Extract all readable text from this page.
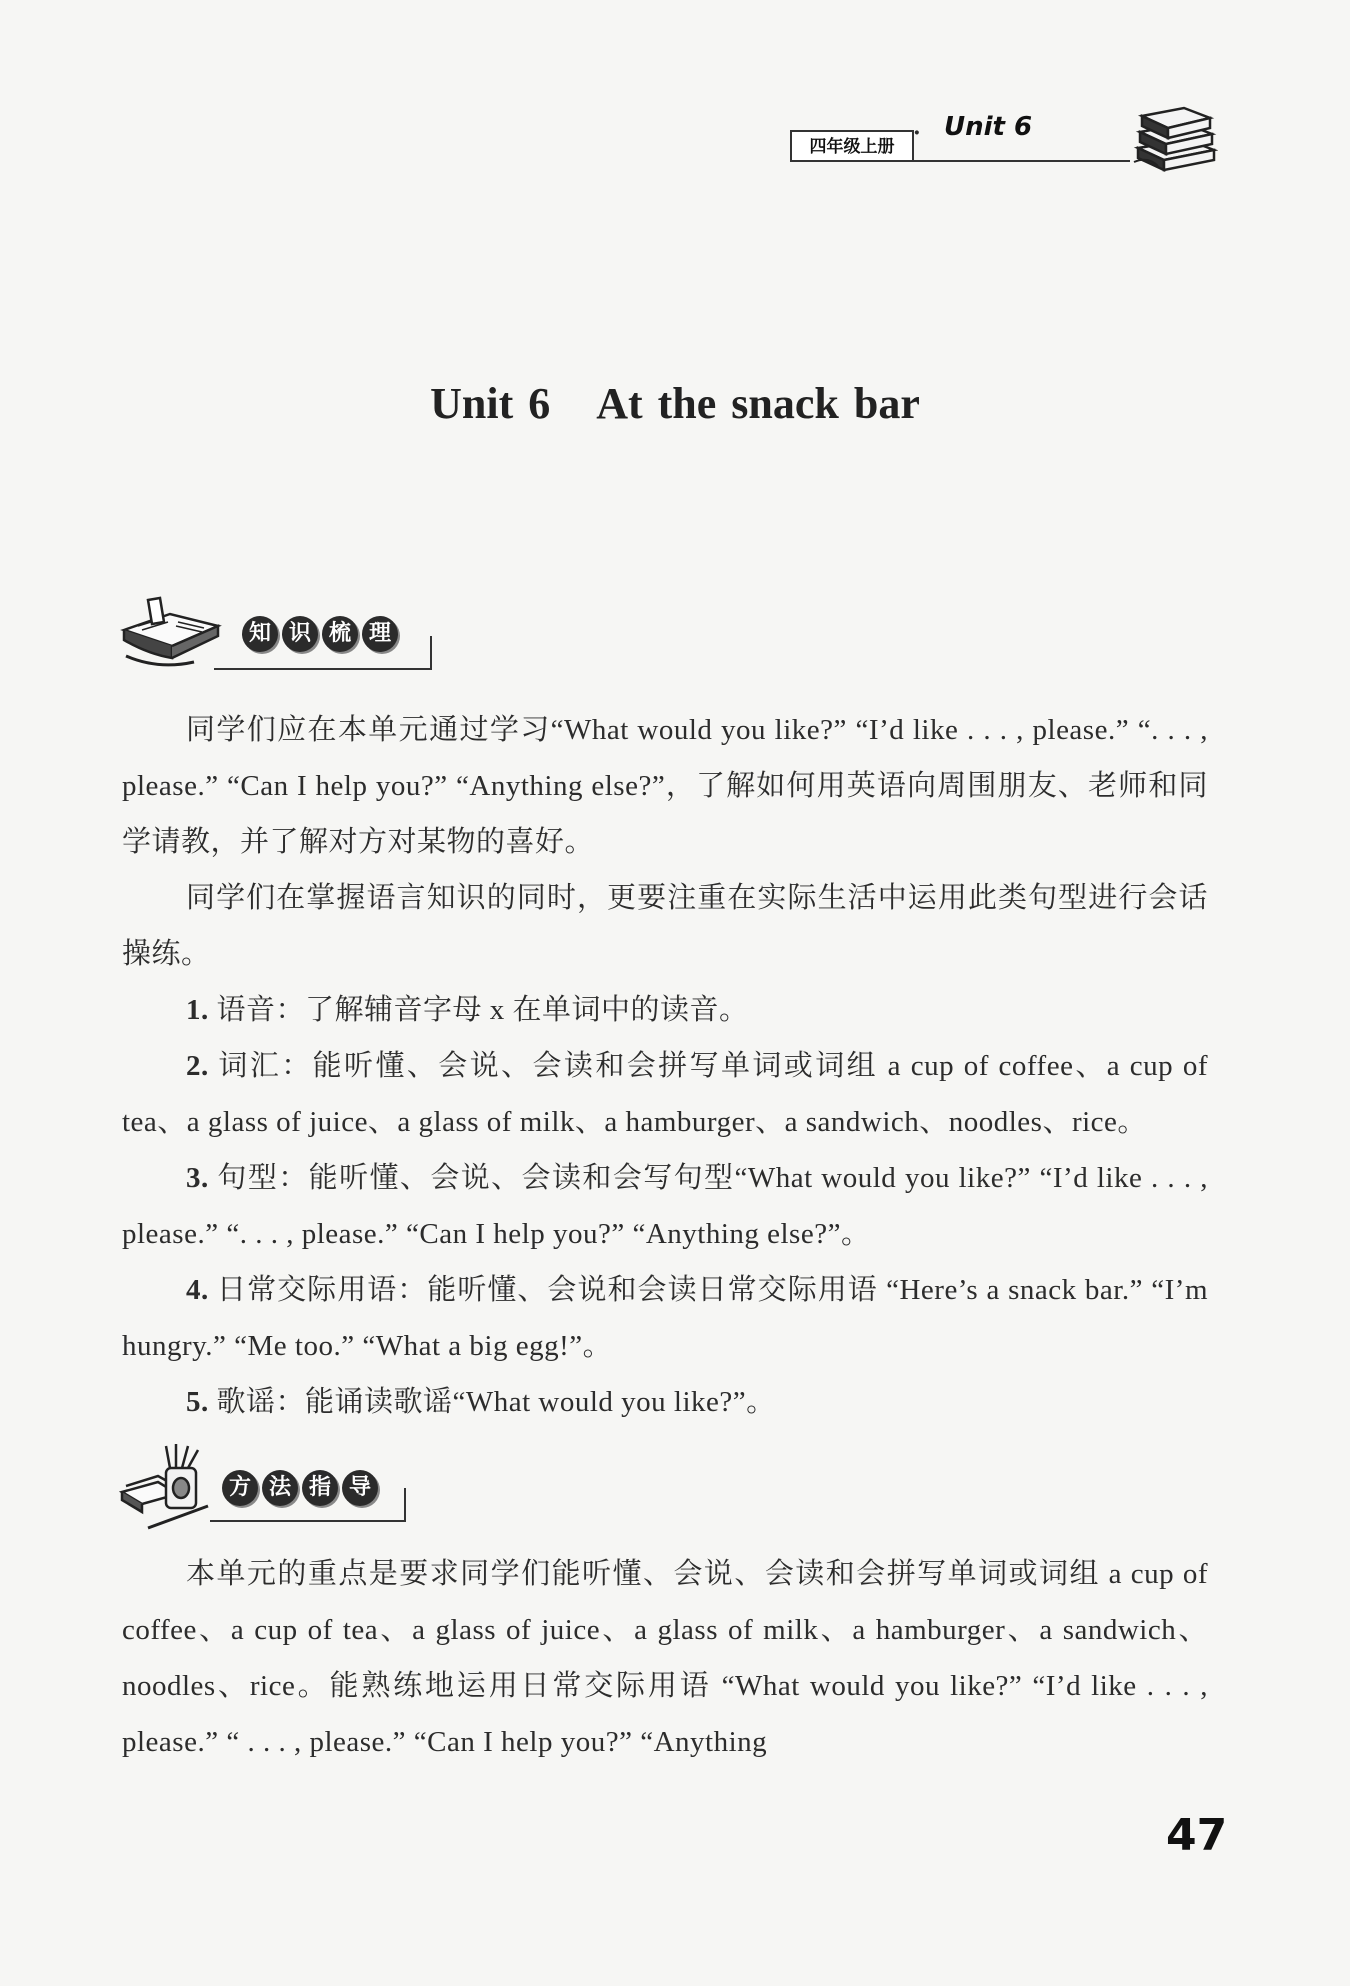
四年级上册
· Unit 6
Unit 6 At the snack bar
知 识 梳 理

同学们应在本单元通过学习“What would you like?” “I’d like . . . , please.” “. . . , please.” “Can I help you?” “Anything else?”，了解如何用英语向周围朋友、老师和同学请教，并了解对方对某物的喜好。

同学们在掌握语言知识的同时，更要注重在实际生活中运用此类句型进行会话操练。

1. 语音：了解辅音字母 x 在单词中的读音。

2. 词汇：能听懂、会说、会读和会拼写单词或词组 a cup of coffee、a cup of tea、a glass of juice、a glass of milk、a hamburger、a sandwich、noodles、rice。

3. 句型：能听懂、会说、会读和会写句型“What would you like?” “I’d like . . . , please.” “. . . , please.” “Can I help you?” “Anything else?”。

4. 日常交际用语：能听懂、会说和会读日常交际用语 “Here’s a snack bar.” “I’m hungry.” “Me too.” “What a big egg!”。

5. 歌谣：能诵读歌谣“What would you like?”。

方 法 指 导

本单元的重点是要求同学们能听懂、会说、会读和会拼写单词或词组 a cup of coffee、a cup of tea、a glass of juice、a glass of milk、a hamburger、a sandwich、noodles、rice。能熟练地运用日常交际用语 “What would you like?” “I’d like . . . , please.” “ . . . , please.” “Can I help you?” “Anything

47
